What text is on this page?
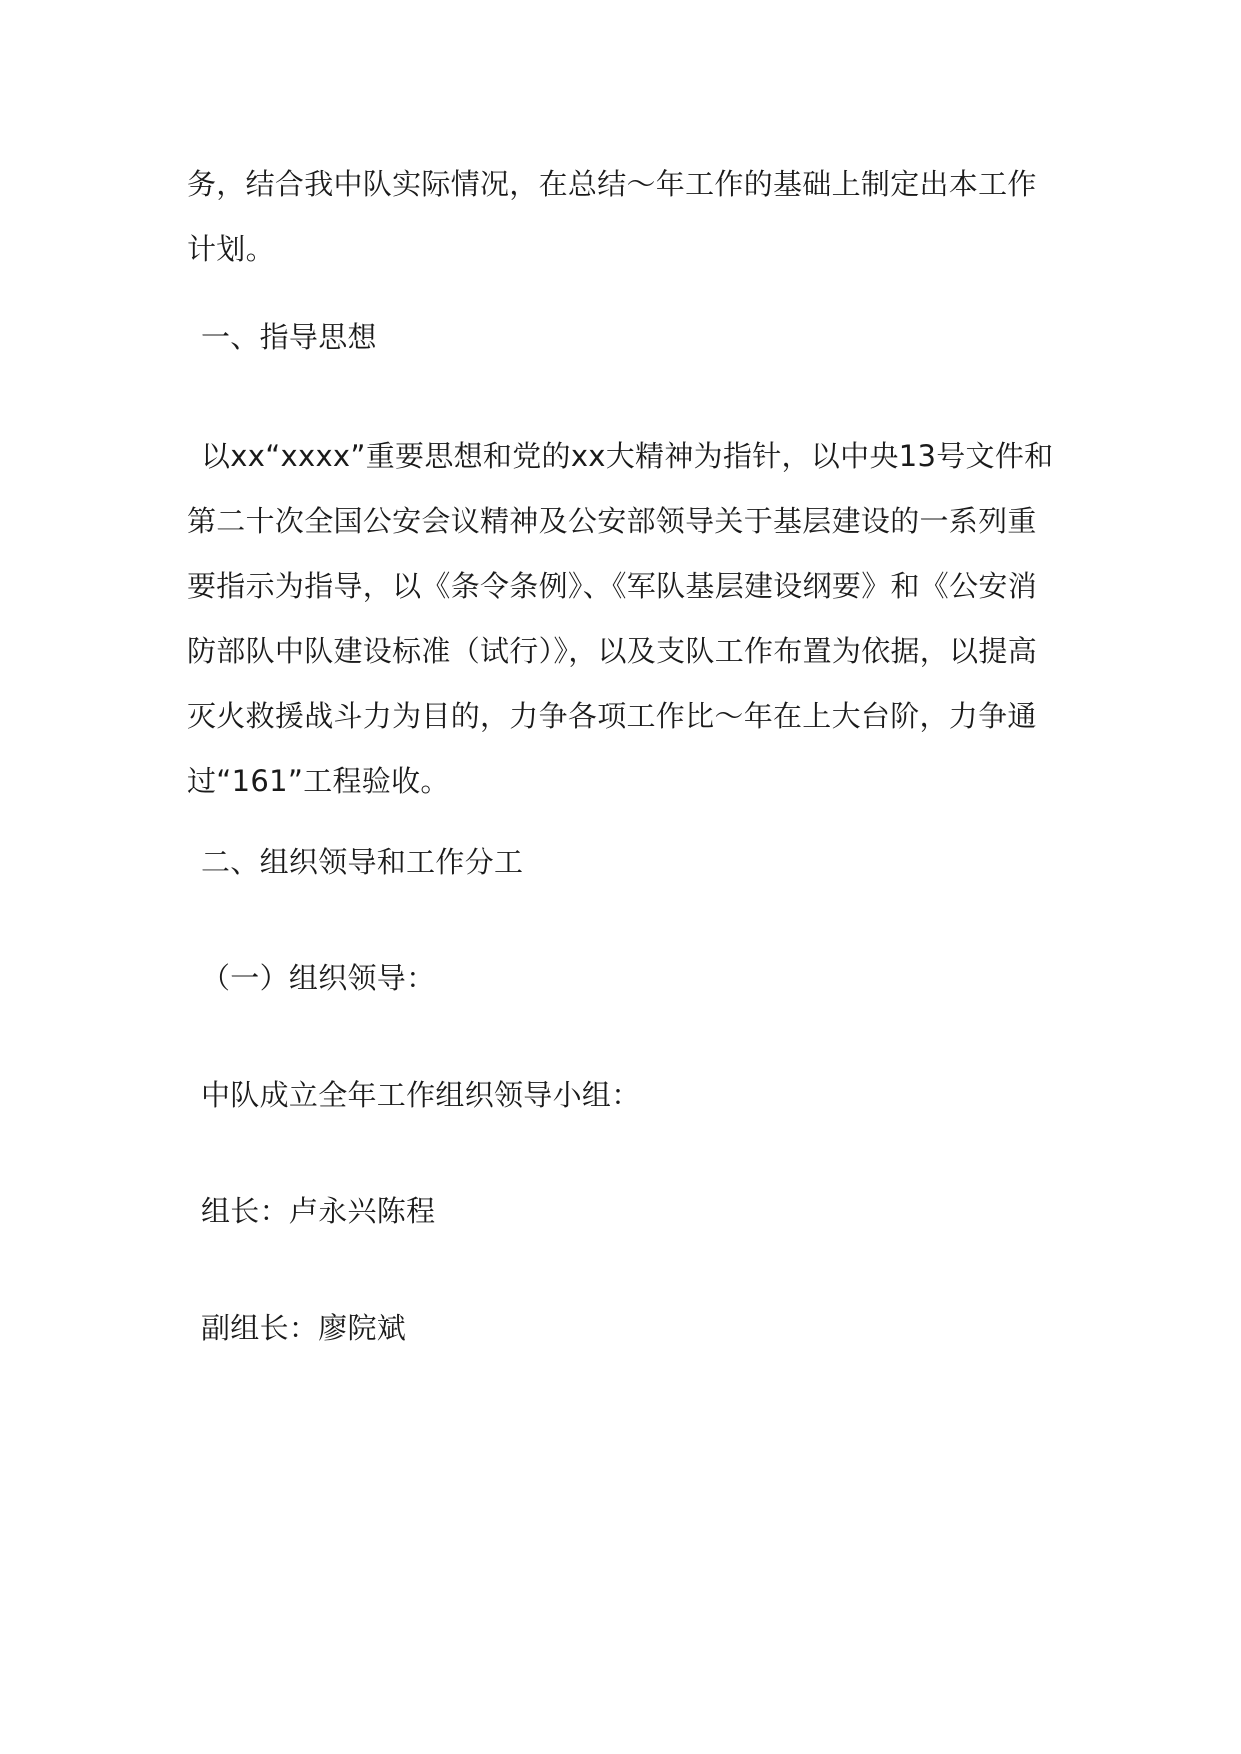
务，结合我中队实际情况，在总结～年工作的基础上制定出本工作计划。

一、指导思想

以xx“xxxx”重要思想和党的xx大精神为指针，以中央13号文件和第二十次全国公安会议精神及公安部领导关于基层建设的一系列重要指示为指导，以《条令条例》、《军队基层建设纲要》和《公安消防部队中队建设标准（试行）》，以及支队工作布置为依据，以提高灭火救援战斗力为目的，力争各项工作比～年在上大台阶，力争通过“161”工程验收。

二、组织领导和工作分工

（一）组织领导：

中队成立全年工作组织领导小组：

组长：卢永兴陈程

副组长：廖院斌
